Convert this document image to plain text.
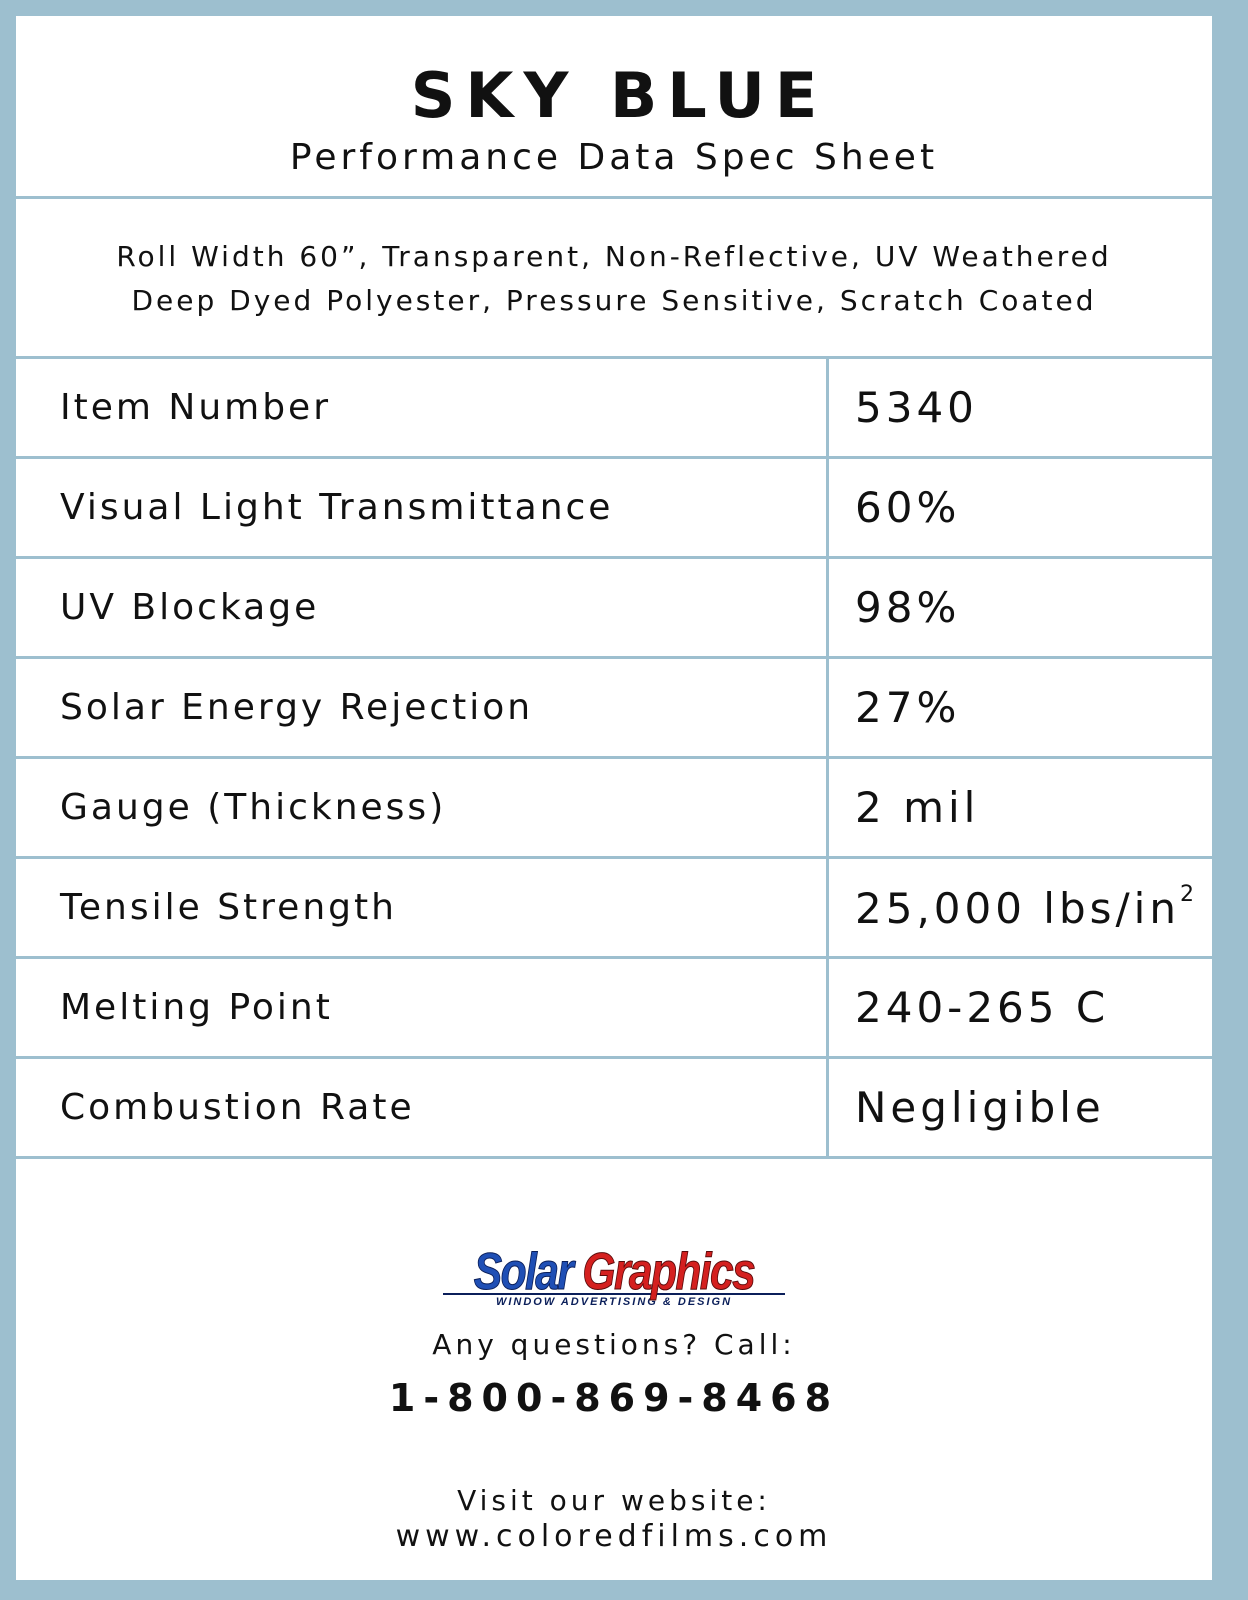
SKY BLUE
Performance Data Spec Sheet
Roll Width 60”, Transparent, Non-Reflective, UV Weathered
Deep Dyed Polyester, Pressure Sensitive, Scratch Coated
Item Number	5340
Visual Light Transmittance	60%
UV Blockage	98%
Solar Energy Rejection	27%
Gauge (Thickness)	2 mil
Tensile Strength	25,000 lbs/$in^2$
Melting Point	240-265 C
Combustion Rate	Negligible
Solar Graphics
WINDOW ADVERTISING & DESIGN
Any questions? Call:
1-800-869-8468
Visit our website:
www.coloredfilms.com
